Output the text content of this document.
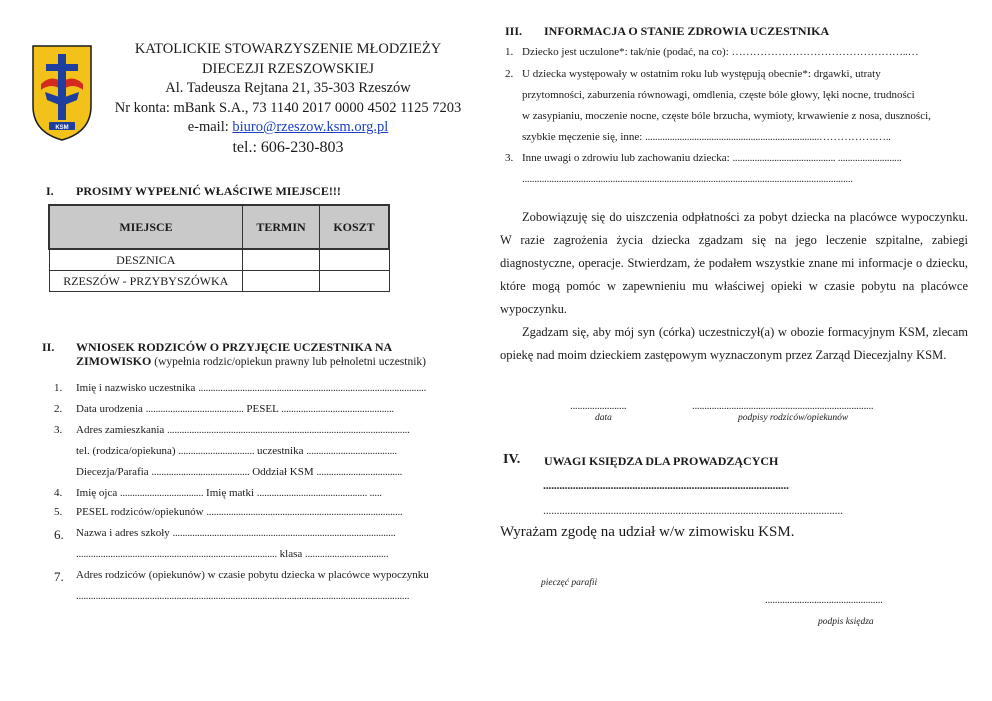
KSM
KATOLICKIE STOWARZYSZENIE MŁODZIEŻY
DIECEZJI RZESZOWSKIEJ
Al. Tadeusza Rejtana 21, 35-303 Rzeszów
Nr konta: mBank S.A., 73 1140 2017 0000 4502 1125 7203
e-mail: biuro@rzeszow.ksm.org.pl
tel.: 606-230-803
I. PROSIMY WYPEŁNIĆ WŁAŚCIWE MIEJSCE!!!
MIEJSCE	TERMIN	KOSZT
DESZNICA		
RZESZÓW - PRZYBYSZÓWKA		
II. WNIOSEK RODZICÓW O PRZYJĘCIE UCZESTNIKA NA
ZIMOWISKO (wypełnia rodzic/opiekun prawny lub pełnoletni uczestnik)
1. Imię i nazwisko uczestnika .............................................................................................
2. Data urodzenia ........................................ PESEL ..............................................
3. Adres zamieszkania ...................................................................................................
tel. (rodzica/opiekuna) ............................... uczestnika .....................................
Diecezja/Parafia ........................................ Oddział KSM ...................................
4. Imię ojca .................................. Imię matki ............................................. .....
5. PESEL rodziców/opiekunów ................................................................................
6. Nazwa i adres szkoły ...........................................................................................
.................................................................................. klasa ..................................
7. Adres rodziców (opiekunów) w czasie pobytu dziecka w placówce wypoczynku
........................................................................................................................................
III. INFORMACJA O STANIE ZDROWIA UCZESTNIKA
1. Dziecko jest uczulone*: tak/nie (podać, na co): …………………………………………..…
2. U dziecka występowały w ostatnim roku lub występują obecnie*: drgawki, utraty
przytomności, zaburzenia równowagi, omdlenia, częste bóle głowy, lęki nocne, trudności
w zasypianiu, moczenie nocne, częste bóle brzucha, wymioty, krwawienie z nosa, duszności,
szybkie męczenie się, inne: .......................................................................…………….…..
3. Inne uwagi o zdrowiu lub zachowaniu dziecka: .......................................... ..........................
.......................................................................................................................................
Zobowiązuję się do uiszczenia odpłatności za pobyt dziecka na placówce wypoczynku. W razie zagrożenia życia dziecka zgadzam się na jego leczenie szpitalne, zabiegi diagnostyczne, operacje. Stwierdzam, że podałem wszystkie znane mi informacje o dziecku, które mogą pomóc w zapewnieniu mu właściwej opieki w czasie pobytu na placówce wypoczynku.
Zgadzam się, aby mój syn (córka) uczestniczył(a) w obozie formacyjnym KSM, zlecam opiekę nad moim dzieckiem zastępowym wyznaczonym przez Zarząd Diecezjalny KSM.
.......................
data
..........................................................................
podpisy rodziców/opiekunów
IV. UWAGI KSIĘDZA DLA PROWADZĄCYCH
...........................................................................................
...............................................................................................................
Wyrażam zgodę na udział w/w zimowisku KSM.
pieczęć parafii
................................................
podpis księdza
